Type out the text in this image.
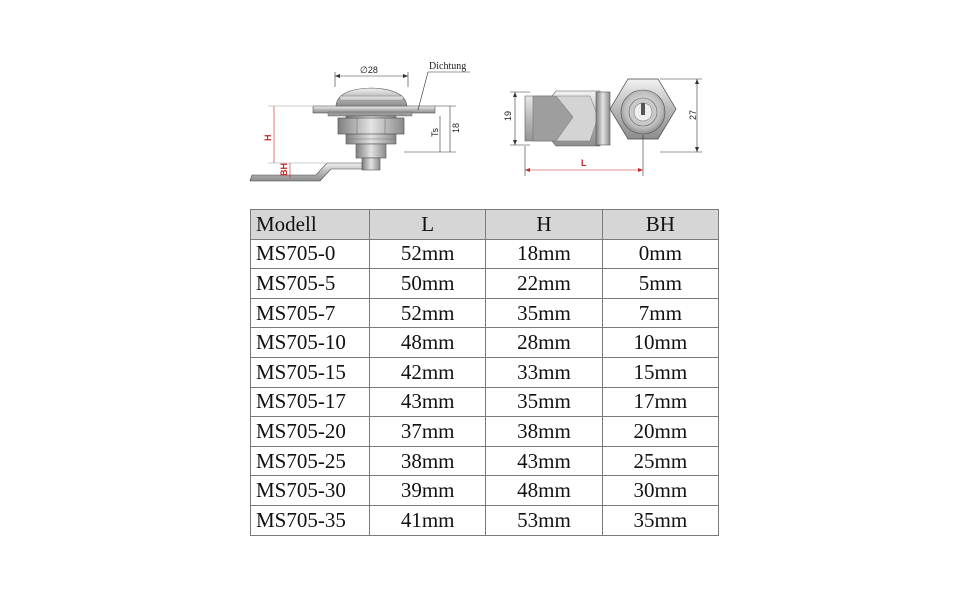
∅28	Dichtung
18
Ts
H
BH
19	27
L
Modell	L	H	BH
MS705-0	52mm	18mm	0mm
MS705-5	50mm	22mm	5mm
MS705-7	52mm	35mm	7mm
MS705-10	48mm	28mm	10mm
MS705-15	42mm	33mm	15mm
MS705-17	43mm	35mm	17mm
MS705-20	37mm	38mm	20mm
MS705-25	38mm	43mm	25mm
MS705-30	39mm	48mm	30mm
MS705-35	41mm	53mm	35mm
